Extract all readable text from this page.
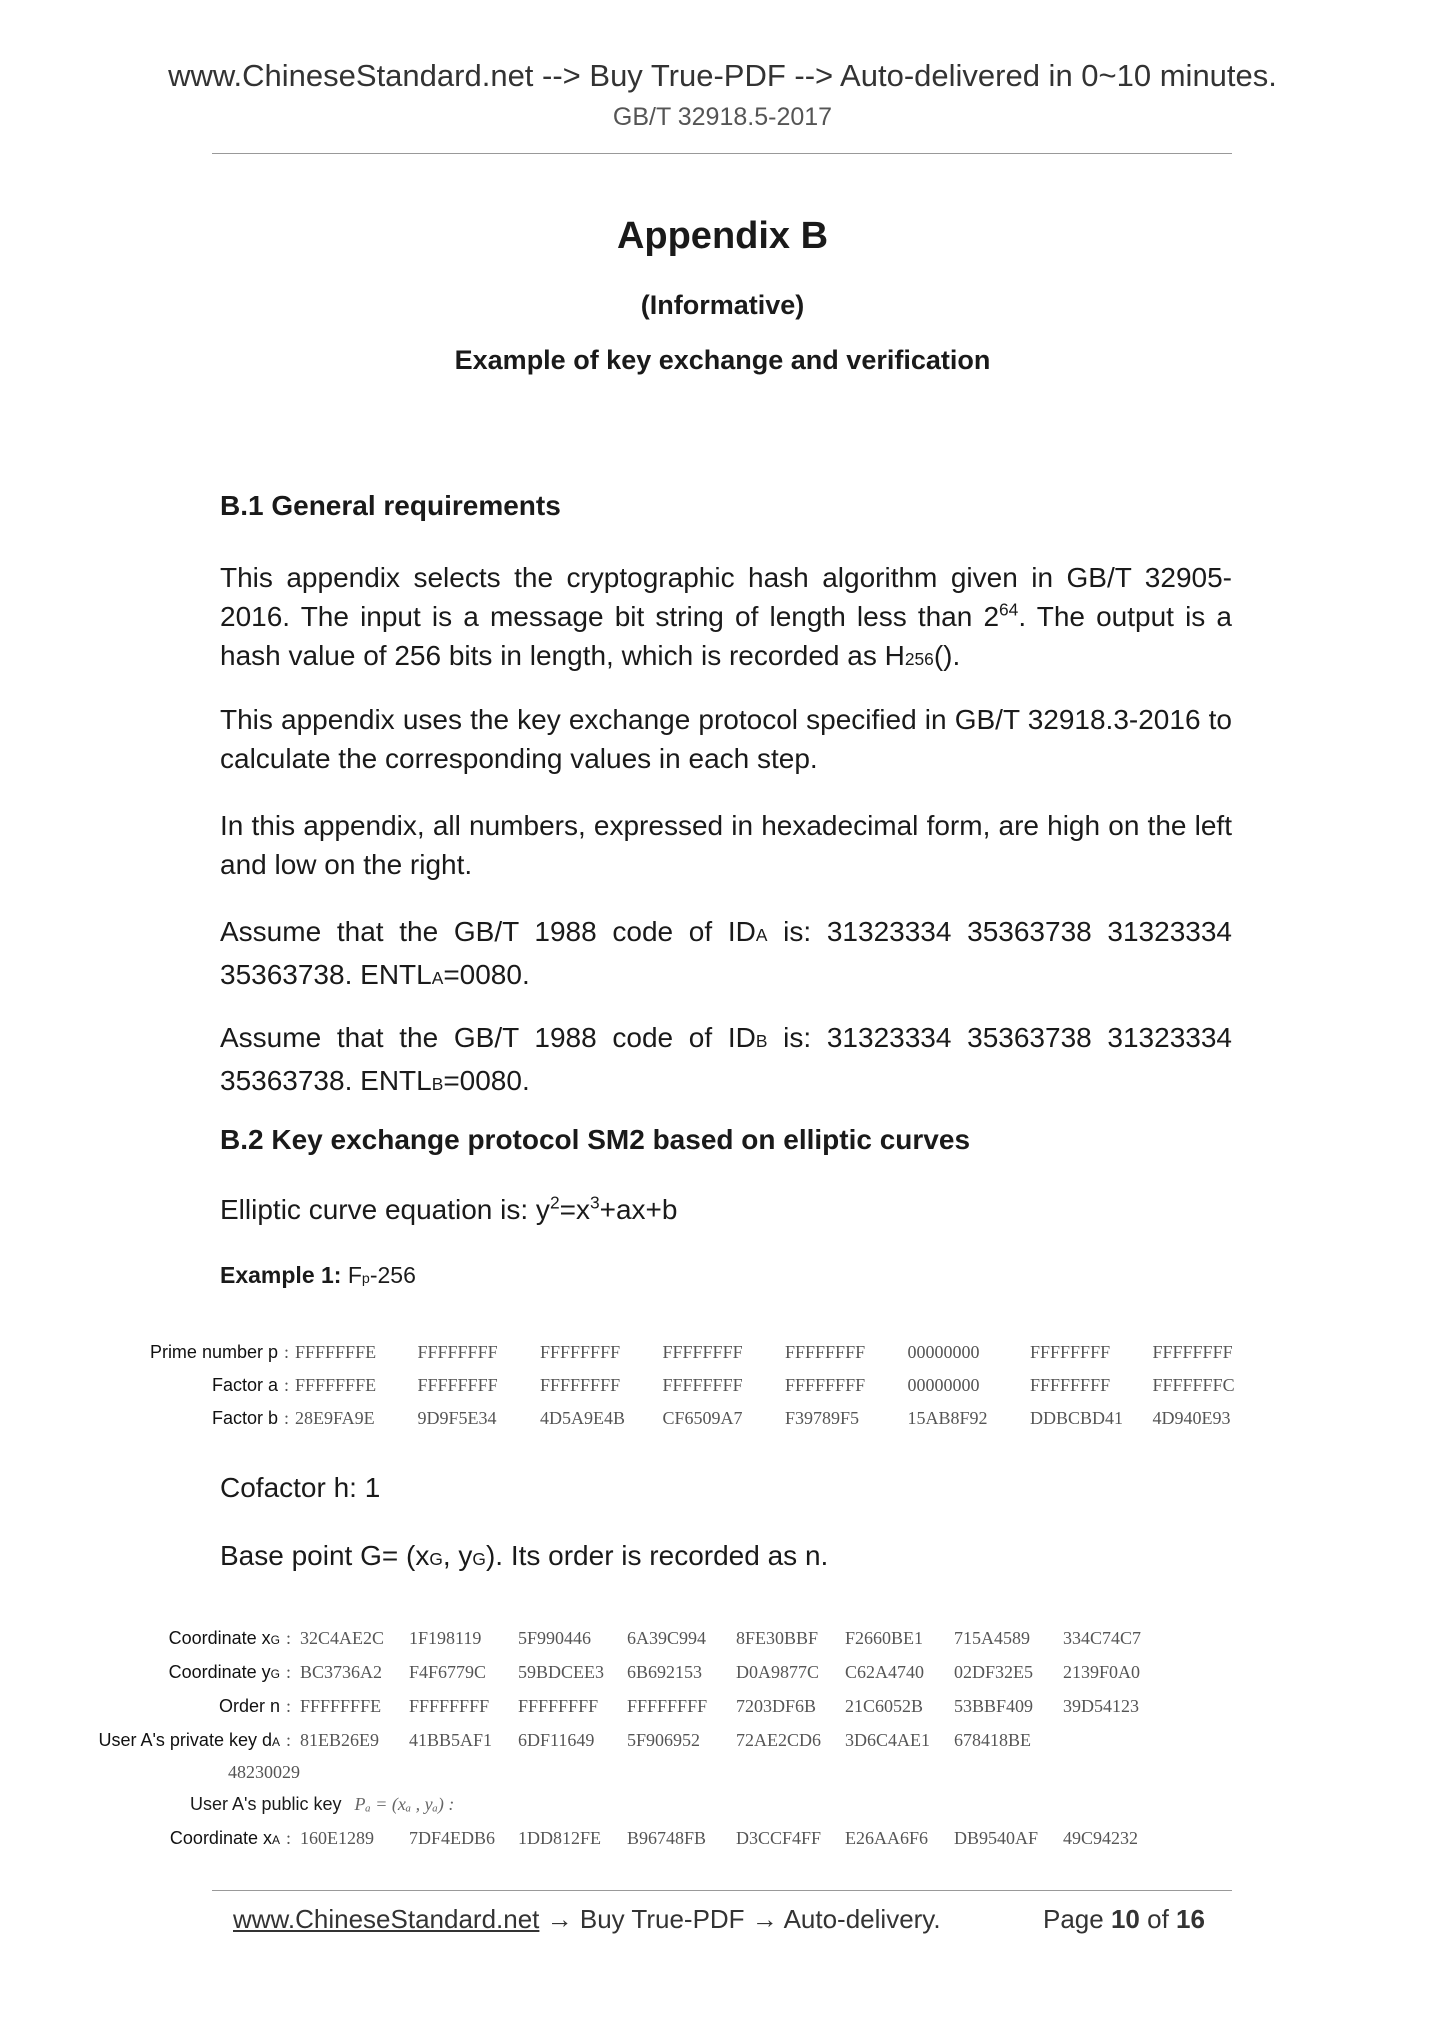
www.ChineseStandard.net --> Buy True-PDF --> Auto-delivered in 0~10 minutes.
GB/T 32918.5-2017
Appendix B
(Informative)
Example of key exchange and verification
B.1 General requirements
This appendix selects the cryptographic hash algorithm given in GB/T 32905-2016. The input is a message bit string of length less than $2^{64}$. The output is a hash value of 256 bits in length, which is recorded as H256().
This appendix uses the key exchange protocol specified in GB/T 32918.3-2016 to calculate the corresponding values in each step.
In this appendix, all numbers, expressed in hexadecimal form, are high on the left and low on the right.
Assume that the GB/T 1988 code of IDA is: 31323334 35363738 31323334 35363738. ENTLA=0080.
Assume that the GB/T 1988 code of IDB is: 31323334 35363738 31323334 35363738. ENTLB=0080.
B.2 Key exchange protocol SM2 based on elliptic curves
Elliptic curve equation is: $y^2=x^3+ax+b$
Example 1: Fp-256
Prime number p : FFFFFFFE FFFFFFFF FFFFFFFF FFFFFFFF FFFFFFFF 00000000	FFFFFFFF FFFFFFFF
Factor a : FFFFFFFE FFFFFFFF FFFFFFFF FFFFFFFF FFFFFFFF 00000000	FFFFFFFF FFFFFFFC
Factor b : 28E9FA9E 9D9F5E34 4D5A9E4B CF6509A7 F39789F5	15AB8F92 DDBCBD41 4D940E93
Cofactor h: 1
Base point G= (xG, yG). Its order is recorded as n.
Coordinate xG : 32C4AE2C 1F198119 5F990446 6A39C994 8FE30BBF F2660BE1 715A4589 334C74C7
Coordinate yG : BC3736A2 F4F6779C 59BDCEE3 6B692153 D0A9877C C62A4740 02DF32E5 2139F0A0
Order n : FFFFFFFE FFFFFFFF FFFFFFFF FFFFFFFF 7203DF6B 21C6052B 53BBF409 39D54123
User A's private key dA : 81EB26E9 41BB5AF1 6DF11649 5F906952 72AE2CD6 3D6C4AE1 678418BE
48230029
User A's public key Pₐ = (xₐ , yₐ) :
Coordinate xA : 160E1289 7DF4EDB6 1DD812FE B96748FB D3CCF4FF E26AA6F6 DB9540AF 49C94232
www.ChineseStandard.net → Buy True-PDF → Auto-delivery.	Page 10 of 16
